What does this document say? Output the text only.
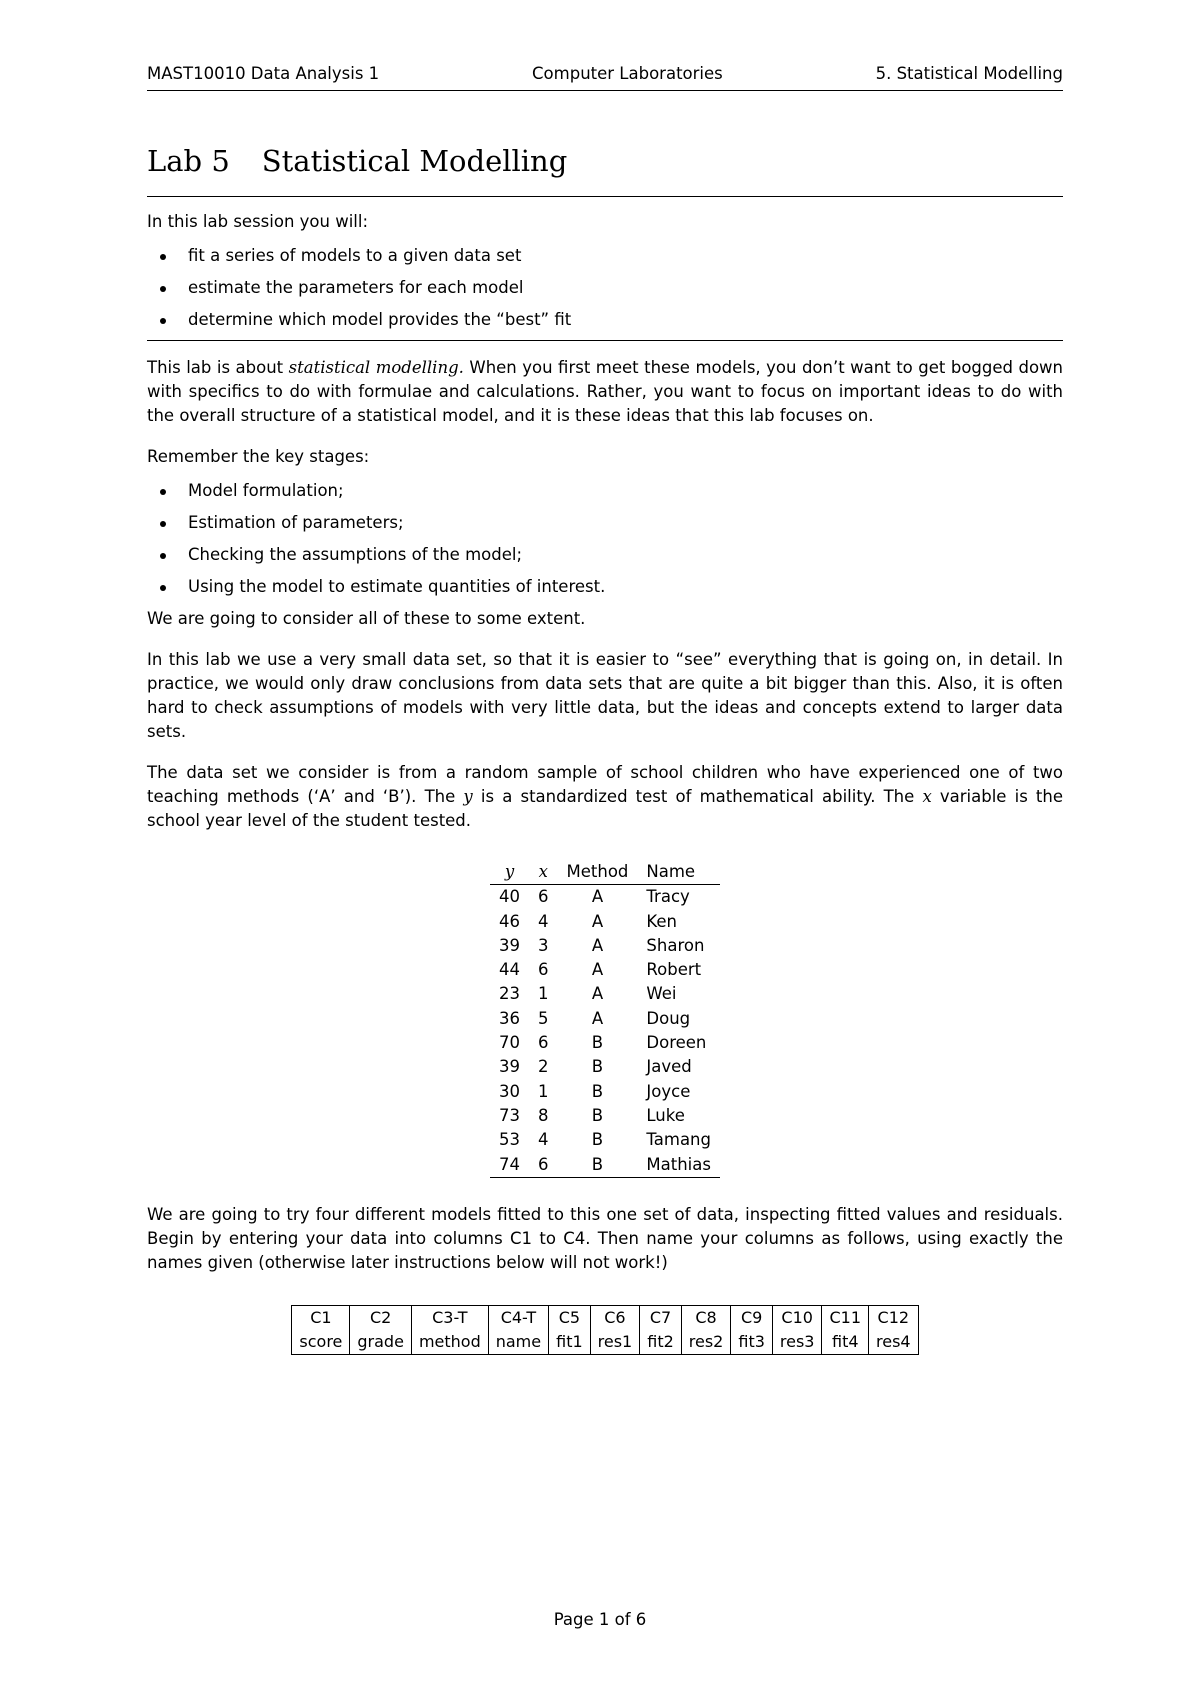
MAST10010 Data Analysis 1	Computer Laboratories	5. Statistical Modelling
Lab 5 Statistical Modelling

In this lab session you will:

fit a series of models to a given data set
estimate the parameters for each model
determine which model provides the “best” fit

This lab is about statistical modelling. When you first meet these models, you don’t want to get bogged down with specifics to do with formulae and calculations. Rather, you want to focus on important ideas to do with the overall structure of a statistical model, and it is these ideas that this lab focuses on.

Remember the key stages:

Model formulation;
Estimation of parameters;
Checking the assumptions of the model;
Using the model to estimate quantities of interest.

We are going to consider all of these to some extent.

In this lab we use a very small data set, so that it is easier to “see” everything that is going on, in detail. In practice, we would only draw conclusions from data sets that are quite a bit bigger than this. Also, it is often hard to check assumptions of models with very little data, but the ideas and concepts extend to larger data sets.

The data set we consider is from a random sample of school children who have experienced one of two teaching methods (‘A’ and ‘B’). The y is a standardized test of mathematical ability. The x variable is the school year level of the student tested.

y	x	Method	Name
40	6	A	Tracy
46	4	A	Ken
39	3	A	Sharon
44	6	A	Robert
23	1	A	Wei
36	5	A	Doug
70	6	B	Doreen
39	2	B	Javed
30	1	B	Joyce
73	8	B	Luke
53	4	B	Tamang
74	6	B	Mathias

We are going to try four different models fitted to this one set of data, inspecting fitted values and residuals. Begin by entering your data into columns C1 to C4. Then name your columns as follows, using exactly the names given (otherwise later instructions below will not work!)

C1	C2	C3-T	C4-T	C5	C6	C7	C8	C9	C10	C11	C12
score	grade	method	name	fit1	res1	fit2	res2	fit3	res3	fit4	res4
Page 1 of 6
